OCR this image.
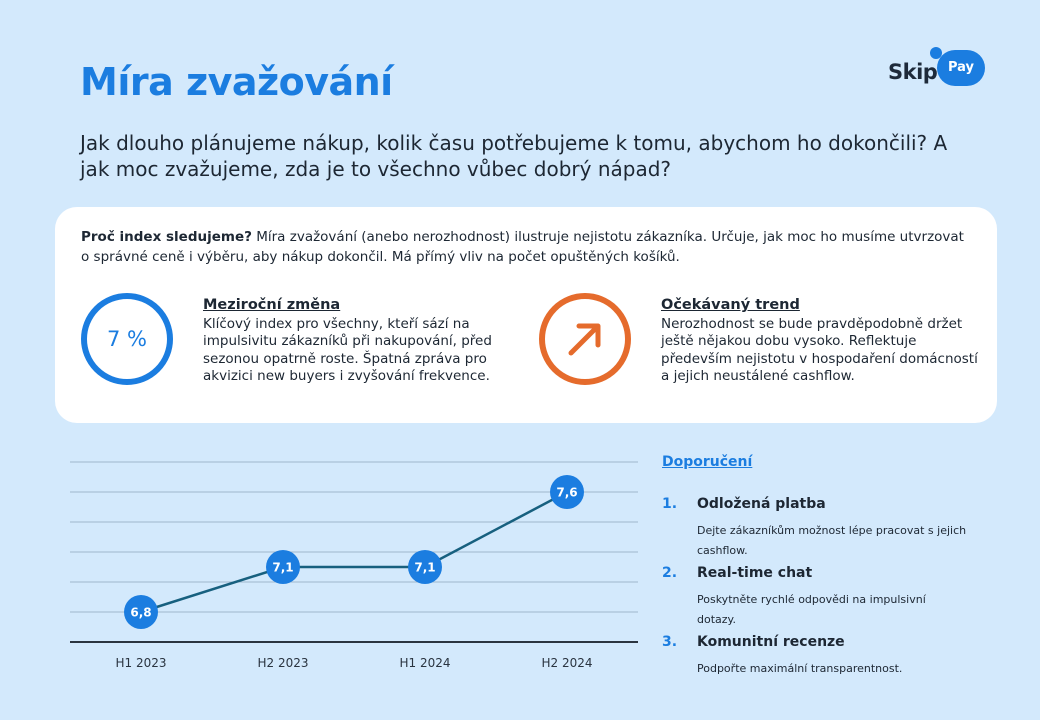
Míra zvažování	Skip Pay

Jak dlouho plánujeme nákup, kolik času potřebujeme k tomu, abychom ho dokončili? A jak moc zvažujeme, zda je to všechno vůbec dobrý nápad?

Proč index sledujeme? Míra zvažování (anebo nerozhodnost) ilustruje nejistotu zákazníka. Určuje, jak moc ho musíme utvrzovat o správné ceně i výběru, aby nákup dokončil. Má přímý vliv na počet opuštěných košíků.

7 %
Meziroční změna
Klíčový index pro všechny, kteří sází na impulsivitu zákazníků při nakupování, před sezonou opatrně roste. Špatná zpráva pro akvizici new buyers i zvyšování frekvence.
Očekávaný trend
Nerozhodnost se bude pravděpodobně držet ještě nějakou dobu vysoko. Reflektuje především nejistotu v hospodaření domácností a jejich neustálené cashflow.
6,8
7,1	7,1
7,6
H1 2023	H2 2023	H1 2024	H2 2024
Doporučení
1. Odložená platba
Dejte zákazníkům možnost lépe pracovat s jejich cashflow.
2. Real-time chat
Poskytněte rychlé odpovědi na impulsivní dotazy.
3. Komunitní recenze
Podpořte maximální transparentnost.
